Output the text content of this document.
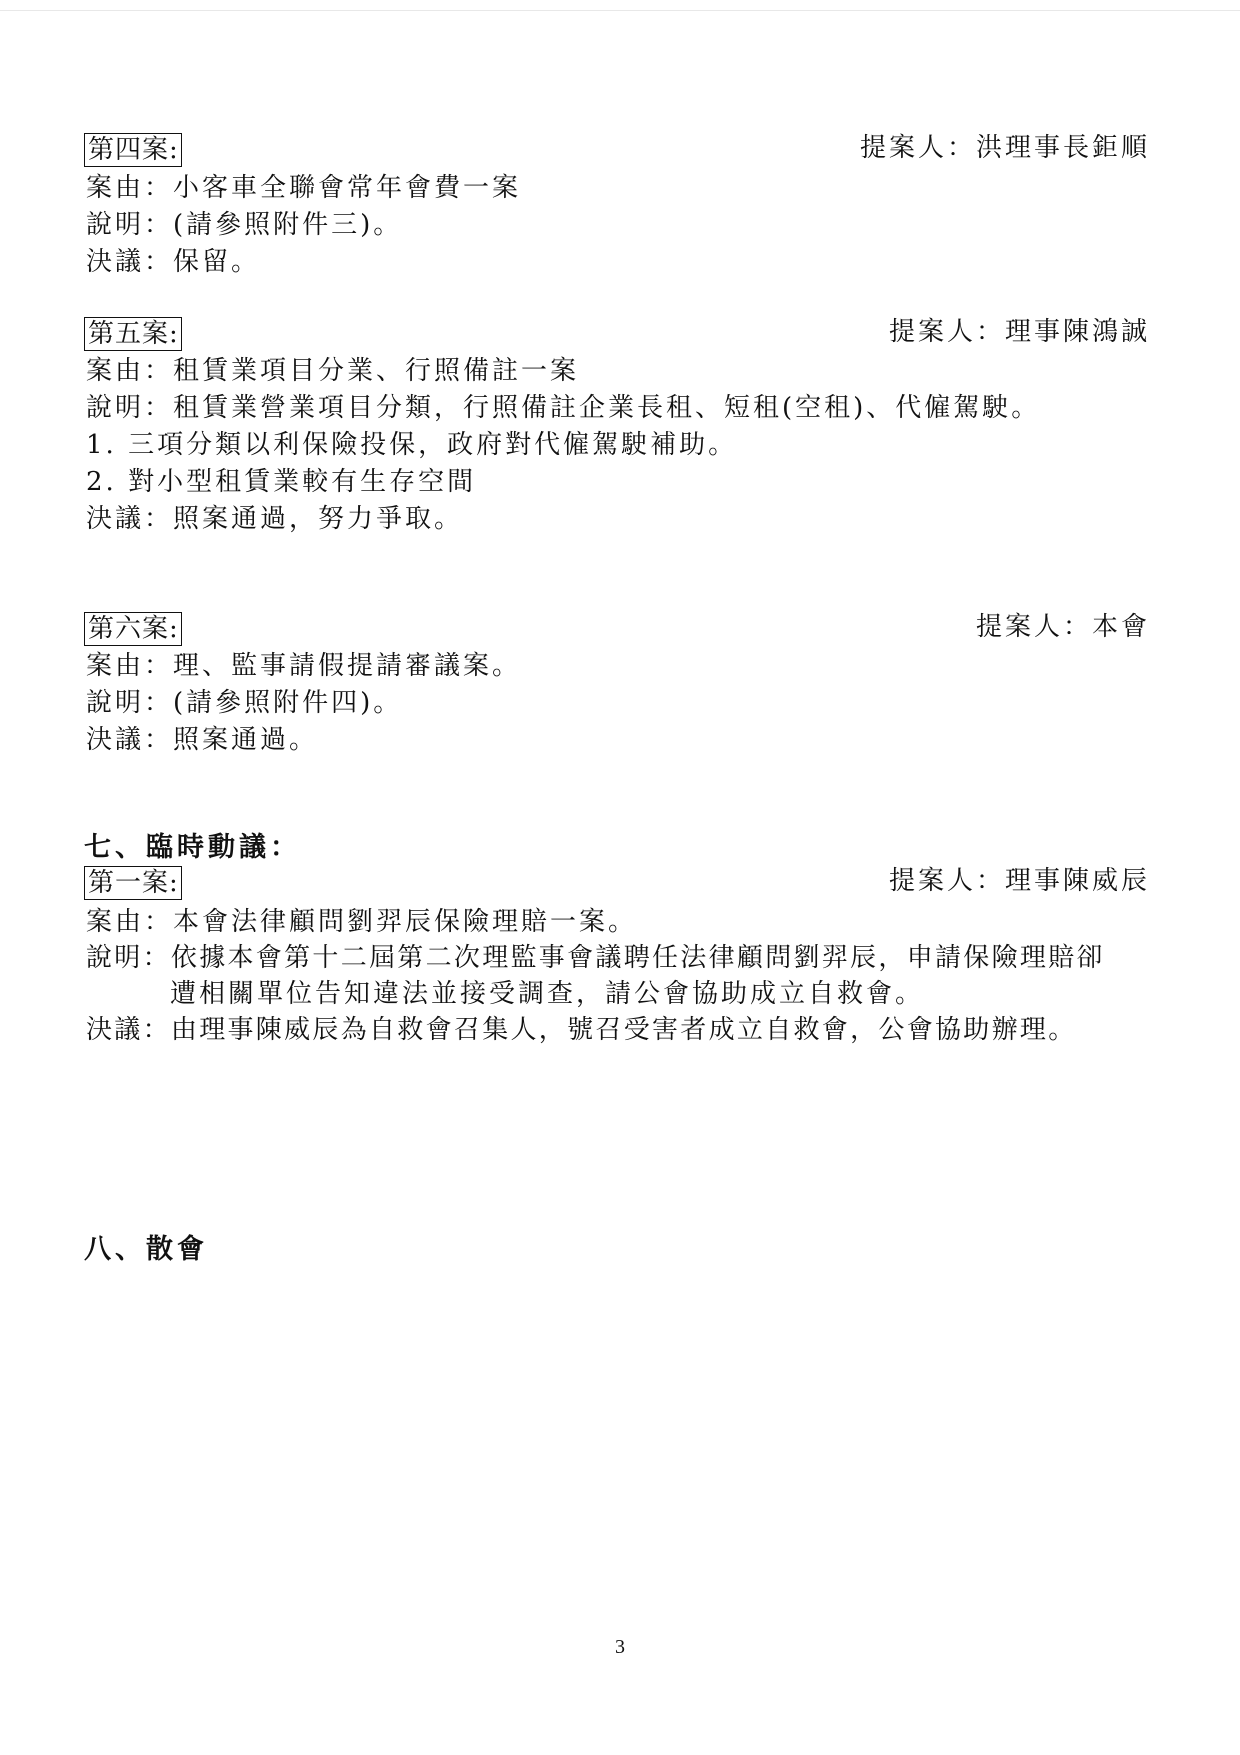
第四案:	提案人：洪理事長鉅順
案由：小客車全聯會常年會費一案
說明：(請參照附件三)。
決議：保留。
第五案:	提案人：理事陳鴻誠
案由：租賃業項目分業、行照備註一案
說明：租賃業營業項目分類，行照備註企業長租、短租(空租)、代僱駕駛。
1. 三項分類以利保險投保，政府對代僱駕駛補助。
2. 對小型租賃業較有生存空間
決議：照案通過，努力爭取。
第六案:	提案人：本會
案由：理、監事請假提請審議案。
說明：(請參照附件四)。
決議：照案通過。
七、臨時動議：
第一案:	提案人：理事陳威辰
案由：本會法律顧問劉羿辰保險理賠一案。
說明：依據本會第十二屆第二次理監事會議聘任法律顧問劉羿辰，申請保險理賠卻
遭相關單位告知違法並接受調查，請公會協助成立自救會。
決議：由理事陳威辰為自救會召集人，號召受害者成立自救會，公會協助辦理。
八、散會
3
